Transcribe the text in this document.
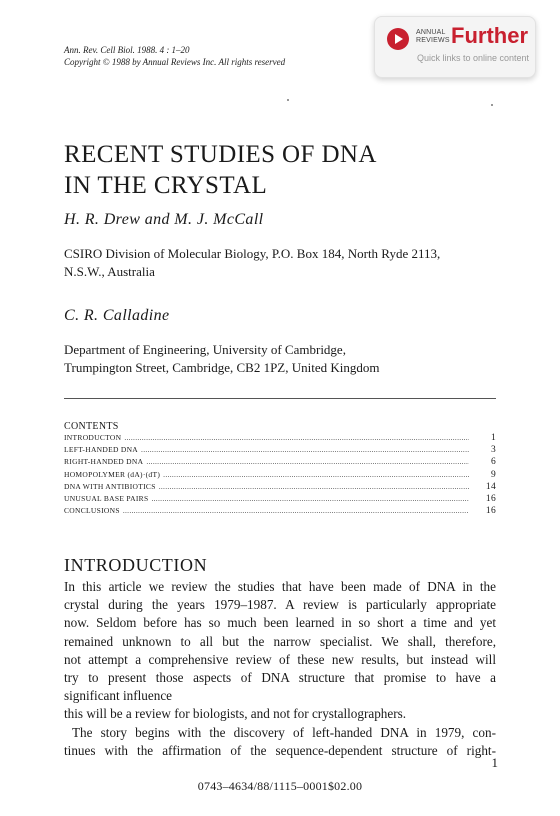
Ann. Rev. Cell Biol. 1988. 4 : 1–20
Copyright © 1988 by Annual Reviews Inc. All rights reserved
ANNUAL
REVIEWS Further
Quick links to online content
RECENT STUDIES OF DNA
IN THE CRYSTAL
H. R. Drew and M. J. McCall
CSIRO Division of Molecular Biology, P.O. Box 184, North Ryde 2113,
N.S.W., Australia
C. R. Calladine
Department of Engineering, University of Cambridge,
Trumpington Street, Cambridge, CB2 1PZ, United Kingdom
CONTENTS
INTRODUCTON .....	1
LEFT-HANDED DNA .....	3
RIGHT-HANDED DNA .....	6
HOMOPOLYMER (dA)·(dT) .....	9
DNA WITH ANTIBIOTICS .....	14
UNUSUAL BASE PAIRS .....	16
CONCLUSIONS .....	16
INTRODUCTION
In this article we review the studies that have been made of DNA in the
crystal during the years 1979–1987. A review is particularly appropriate
now. Seldom before has so much been learned in so short a time and yet
remained unknown to all but the narrow specialist. We shall, therefore,
not attempt a comprehensive review of these new results, but instead will
try to present those aspects of DNA structure that promise to have a
significant influence
this will be a review for biologists, and not for crystallographers.
The story begins with the discovery of left-handed DNA in 1979, con-
tinues with the affirmation of the sequence-dependent structure of right-
1
0743–4634/88/1115–0001$02.00
